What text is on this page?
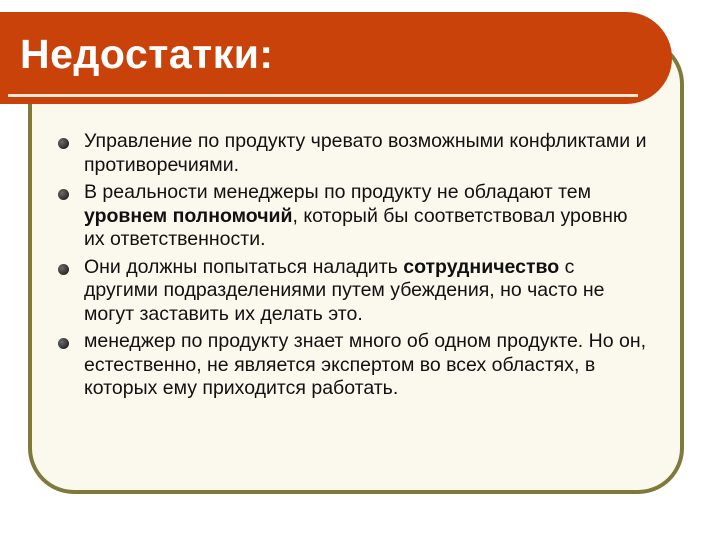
Недостатки:
Управление по продукту чревато возможными конфликтами и противоречиями.
В реальности менеджеры по продукту не обладают тем уровнем полномочий, который бы соответствовал уровню их ответственности.
Они должны попытаться наладить сотрудничество с другими подразделениями путем убеждения, но часто не могут заставить их делать это.
менеджер по продукту знает много об одном продукте. Но он, естественно, не является экспертом во всех областях, в которых ему приходится работать.
